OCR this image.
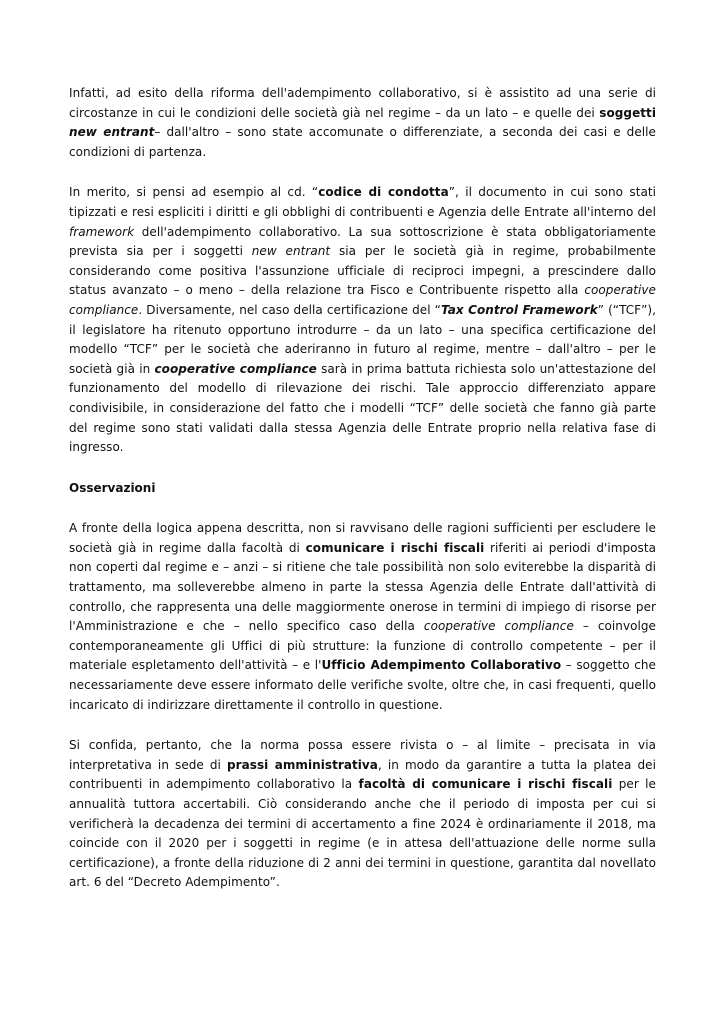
Infatti, ad esito della riforma dell'adempimento collaborativo, si è assistito ad una serie di circostanze in cui le condizioni delle società già nel regime – da un lato – e quelle dei soggetti new entrant– dall'altro – sono state accomunate o differenziate, a seconda dei casi e delle condizioni di partenza.

In merito, si pensi ad esempio al cd. “codice di condotta”, il documento in cui sono stati tipizzati e resi espliciti i diritti e gli obblighi di contribuenti e Agenzia delle Entrate all'interno del framework dell'adempimento collaborativo. La sua sottoscrizione è stata obbligatoriamente prevista sia per i soggetti new entrant sia per le società già in regime, probabilmente considerando come positiva l'assunzione ufficiale di reciproci impegni, a prescindere dallo status avanzato – o meno – della relazione tra Fisco e Contribuente rispetto alla cooperative compliance. Diversamente, nel caso della certificazione del “Tax Control Framework” (“TCF”), il legislatore ha ritenuto opportuno introdurre – da un lato – una specifica certificazione del modello “TCF” per le società che aderiranno in futuro al regime, mentre – dall'altro – per le società già in cooperative compliance sarà in prima battuta richiesta solo un'attestazione del funzionamento del modello di rilevazione dei rischi. Tale approccio differenziato appare condivisibile, in considerazione del fatto che i modelli “TCF” delle società che fanno già parte del regime sono stati validati dalla stessa Agenzia delle Entrate proprio nella relativa fase di ingresso.

Osservazioni

A fronte della logica appena descritta, non si ravvisano delle ragioni sufficienti per escludere le società già in regime dalla facoltà di comunicare i rischi fiscali riferiti ai periodi d'imposta non coperti dal regime e – anzi – si ritiene che tale possibilità non solo eviterebbe la disparità di trattamento, ma solleverebbe almeno in parte la stessa Agenzia delle Entrate dall'attività di controllo, che rappresenta una delle maggiormente onerose in termini di impiego di risorse per l'Amministrazione e che – nello specifico caso della cooperative compliance – coinvolge contemporaneamente gli Uffici di più strutture: la funzione di controllo competente – per il materiale espletamento dell'attività – e l'Ufficio Adempimento Collaborativo – soggetto che necessariamente deve essere informato delle verifiche svolte, oltre che, in casi frequenti, quello incaricato di indirizzare direttamente il controllo in questione.

Si confida, pertanto, che la norma possa essere rivista o – al limite – precisata in via interpretativa in sede di prassi amministrativa, in modo da garantire a tutta la platea dei contribuenti in adempimento collaborativo la facoltà di comunicare i rischi fiscali per le annualità tuttora accertabili. Ciò considerando anche che il periodo di imposta per cui si verificherà la decadenza dei termini di accertamento a fine 2024 è ordinariamente il 2018, ma coincide con il 2020 per i soggetti in regime (e in attesa dell'attuazione delle norme sulla certificazione), a fronte della riduzione di 2 anni dei termini in questione, garantita dal novellato art. 6 del “Decreto Adempimento”.
